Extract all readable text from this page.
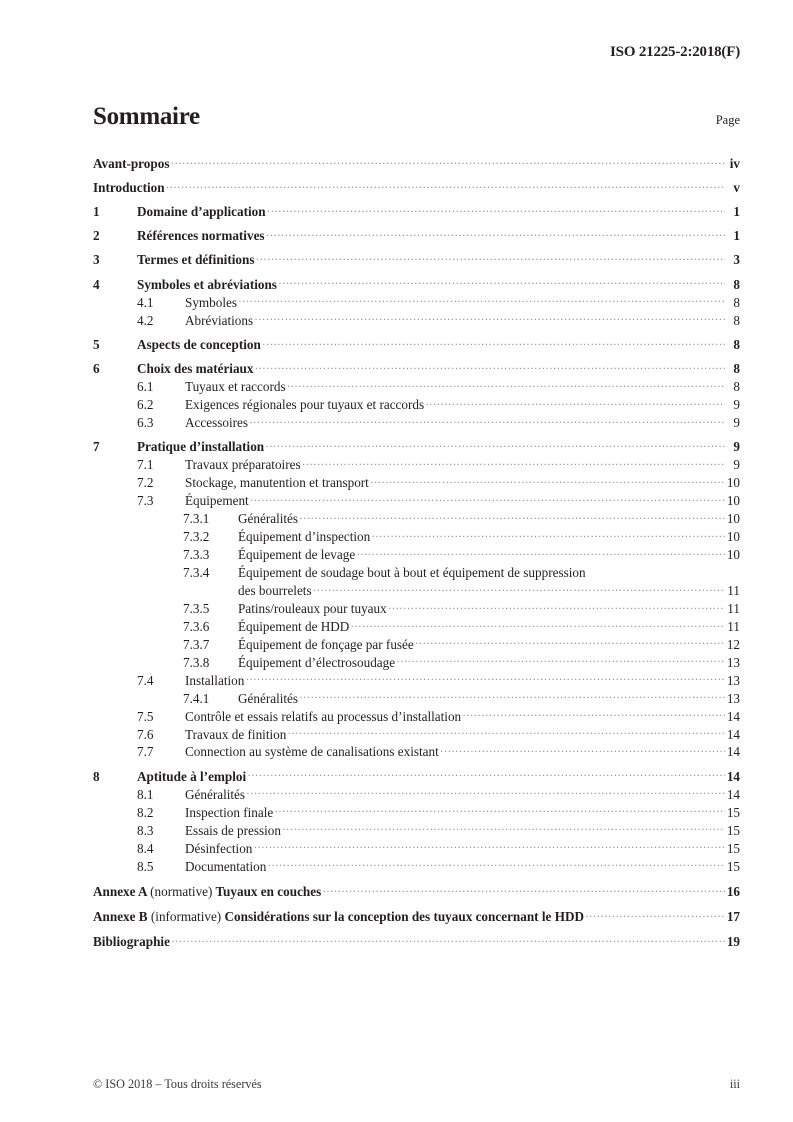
ISO 21225-2:2018(F)
Sommaire	Page
Avant-propos .....	iv
Introduction .....	v
1	Domaine d’application .....	1
2	Références normatives .....	1
3	Termes et définitions .....	3
4	Symboles et abréviations .....	8
4.1	Symboles .....	8
4.2	Abréviations .....	8
5	Aspects de conception .....	8
6	Choix des matériaux .....	8
6.1	Tuyaux et raccords .....	8
6.2	Exigences régionales pour tuyaux et raccords .....	9
6.3	Accessoires .....	9
7	Pratique d’installation .....	9
7.1	Travaux préparatoires .....	9
7.2	Stockage, manutention et transport .....	10
7.3	Équipement .....	10
7.3.1	Généralités .....	10
7.3.2	Équipement d’inspection .....	10
7.3.3	Équipement de levage .....	10
7.3.4	Équipement de soudage bout à bout et équipement de suppression
des bourrelets .....	11
7.3.5	Patins/rouleaux pour tuyaux .....	11
7.3.6	Équipement de HDD .....	11
7.3.7	Équipement de fonçage par fusée .....	12
7.3.8	Équipement d’électrosoudage .....	13
7.4	Installation .....	13
7.4.1	Généralités .....	13
7.5	Contrôle et essais relatifs au processus d’installation .....	14
7.6	Travaux de finition .....	14
7.7	Connection au système de canalisations existant .....	14
8	Aptitude à l’emploi .....	14
8.1	Généralités .....	14
8.2	Inspection finale .....	15
8.3	Essais de pression .....	15
8.4	Désinfection .....	15
8.5	Documentation .....	15
Annexe A (normative) Tuyaux en couches .....	16
Annexe B (informative) Considérations sur la conception des tuyaux concernant le HDD .....	17
Bibliographie .....	19
© ISO 2018 – Tous droits réservés	iii
